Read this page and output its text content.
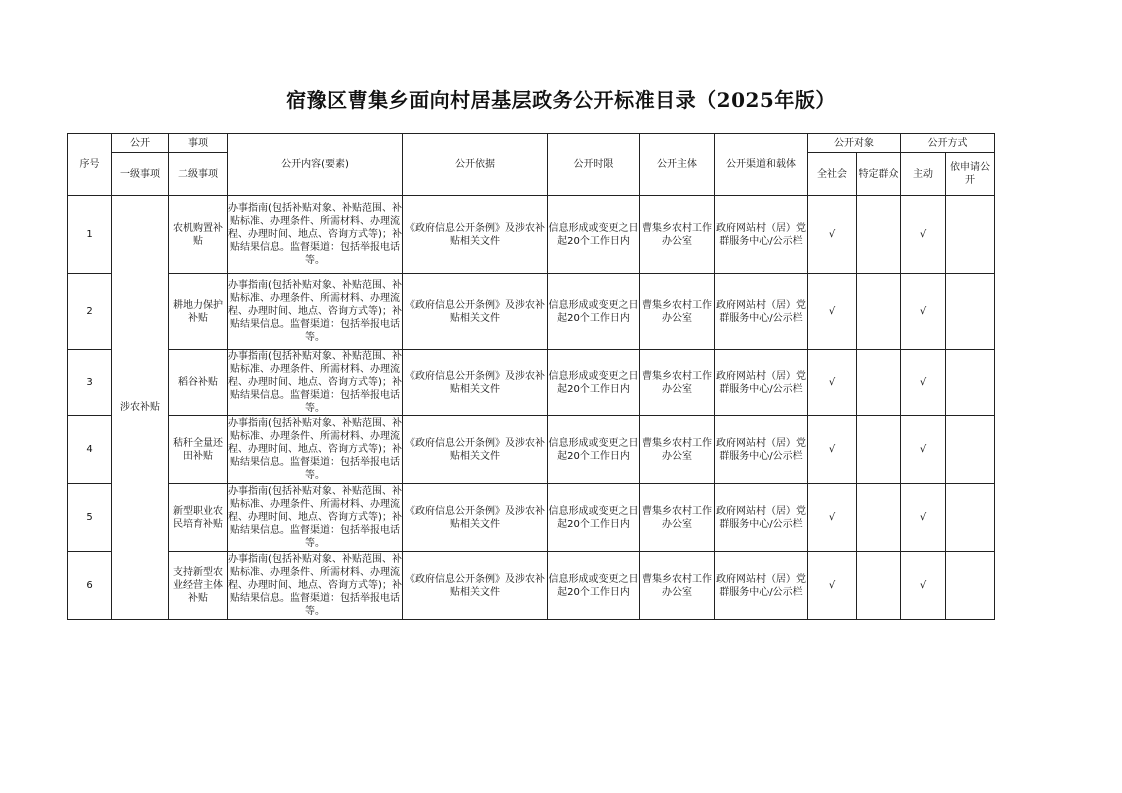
宿豫区曹集乡面向村居基层政务公开标准目录（2025年版）
序号	公开	事项	公开内容(要素)	公开依据	公开时限	公开主体	公开渠道和载体	公开对象		公开方式	
	一级事项	二级事项						全社会	特定群众	主动	依申请公开
1	涉农补贴	农机购置补贴	办事指南(包括补贴对象、补贴范围、补贴标准、办理条件、所需材料、办理流程、办理时间、地点、咨询方式等)；补贴结果信息。监督渠道：包括举报电话等。	《政府信息公开条例》及涉农补贴相关文件	信息形成或变更之日起20个工作日内	曹集乡农村工作办公室	政府网站村（居）党群服务中心/公示栏	√		√	
2		耕地力保护补贴	办事指南(包括补贴对象、补贴范围、补贴标准、办理条件、所需材料、办理流程、办理时间、地点、咨询方式等)；补贴结果信息。监督渠道：包括举报电话等。	《政府信息公开条例》及涉农补贴相关文件	信息形成或变更之日起20个工作日内	曹集乡农村工作办公室	政府网站村（居）党群服务中心/公示栏	√		√	
3		稻谷补贴	办事指南(包括补贴对象、补贴范围、补贴标准、办理条件、所需材料、办理流程、办理时间、地点、咨询方式等)；补贴结果信息。监督渠道：包括举报电话等。	《政府信息公开条例》及涉农补贴相关文件	信息形成或变更之日起20个工作日内	曹集乡农村工作办公室	政府网站村（居）党群服务中心/公示栏	√		√	
4		秸秆全量还田补贴	办事指南(包括补贴对象、补贴范围、补贴标准、办理条件、所需材料、办理流程、办理时间、地点、咨询方式等)；补贴结果信息。监督渠道：包括举报电话等。	《政府信息公开条例》及涉农补贴相关文件	信息形成或变更之日起20个工作日内	曹集乡农村工作办公室	政府网站村（居）党群服务中心/公示栏	√		√	
5		新型职业农民培育补贴	办事指南(包括补贴对象、补贴范围、补贴标准、办理条件、所需材料、办理流程、办理时间、地点、咨询方式等)；补贴结果信息。监督渠道：包括举报电话等。	《政府信息公开条例》及涉农补贴相关文件	信息形成或变更之日起20个工作日内	曹集乡农村工作办公室	政府网站村（居）党群服务中心/公示栏	√		√	
6		支持新型农业经营主体补贴	办事指南(包括补贴对象、补贴范围、补贴标准、办理条件、所需材料、办理流程、办理时间、地点、咨询方式等)；补贴结果信息。监督渠道：包括举报电话等。	《政府信息公开条例》及涉农补贴相关文件	信息形成或变更之日起20个工作日内	曹集乡农村工作办公室	政府网站村（居）党群服务中心/公示栏	√		√	
